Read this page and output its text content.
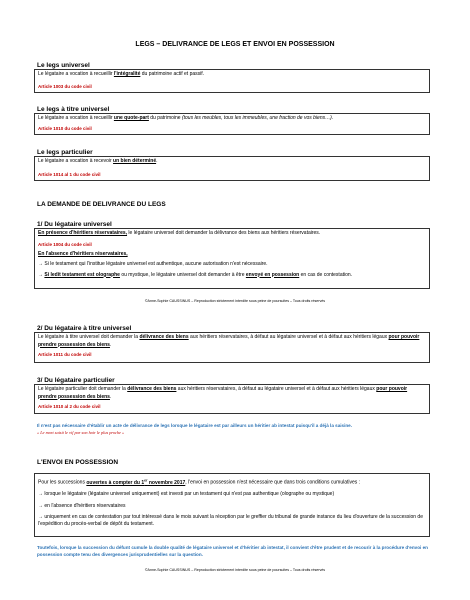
LEGS – DELIVRANCE DE LEGS ET ENVOI EN POSSESSION
Le legs universel
Le légataire a vocation à recueillir l'intégralité du patrimoine actif et passif.
Article 1003 du code civil
Le legs à titre universel
Le légataire a vocation à recueillir une quote-part du patrimoine (tous les meubles, tous les immeubles, une fraction de vos biens…).
Article 1010 du code civil
Le legs particulier
Le légataire a vocation à recevoir un bien déterminé.
Article 1014 al 1 du code civil
LA DEMANDE DE DELIVRANCE DU LEGS
1/ Du légataire universel
En présence d'héritiers réservataires, le légataire universel doit demander la délivrance des biens aux héritiers réservataires.
Article 1004 du code civil
En l'absence d'héritiers réservataires,
→ Si le testament qui l'institue légataire universel est authentique, aucune autorisation n'est nécessaire.
→ Si ledit testament est olographe ou mystique, le légataire universel doit demander à être envoyé en possession en cas de contestation.
©Anne-Sophie CAUSSINUS – Reproduction strictement interdite sous peine de poursuites – Tous droits réservés
2/ Du légataire à titre universel
Le légataire à titre universel doit demander la délivrance des biens aux héritiers réservataires, à défaut au légataire universel et à défaut aux héritiers légaux pour pouvoir prendre possession des biens.
Article 1011 du code civil
3/ Du légataire particulier
Le légataire particulier doit demander la délivrance des biens aux héritiers réservataires, à défaut au légataire universel et à défaut aux héritiers légaux pour pouvoir prendre possession des biens.
Article 1010 al 2 du code civil
Il n'est pas nécessaire d'établir un acte de délivrance de legs lorsque le légataire est par ailleurs un héritier ab intestat puisqu'il a déjà la saisine.
« Le mort saisit le vif par son hoir le plus proche »
L'ENVOI EN POSSESSION
Pour les successions ouvertes à compter du 1er novembre 2017, l'envoi en possession n'est nécessaire que dans trois conditions cumulatives :
→ lorsque le légataire (légataire universel uniquement) est investi par un testament qui n'est pas authentique (olographe ou mystique)
→ en l'absence d'héritiers réservataires
→ uniquement en cas de contestation par tout intéressé dans le mois suivant la réception par le greffier du tribunal de grande instance du lieu d'ouverture de la succession de l'expédition du procès-verbal de dépôt du testament.
Toutefois, lorsque la succession du défunt cumule la double qualité de légataire universel et d'héritier ab intestat, il convient d'être prudent et de recourir à la procédure d'envoi en possession compte tenu des divergences jurisprudentielles sur la question.
©Anne-Sophie CAUSSINUS – Reproduction strictement interdite sous peine de poursuites – Tous droits réservés
